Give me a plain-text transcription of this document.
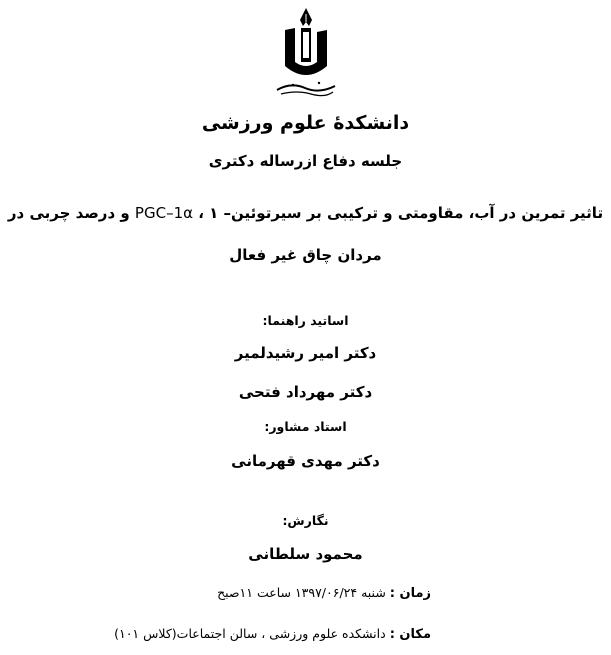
دانشکدهٔ علوم ورزشی
جلسه دفاع ازرساله دکتری
تاثیر تمرین در آب، مقاومتی و ترکیبی بر سیرتوئین– ۱ ، PGC–1α و درصد چربی در
مردان چاق غیر فعال
اساتید راهنما:
دکتر امیر رشیدلمیر
دکتر مهرداد فتحی
استاد مشاور:
دکتر مهدی قهرمانی
نگارش:
محمود سلطانی
زمان : شنبه ۱۳۹۷/۰۶/۲۴ ساعت ۱۱صبح
مکان : دانشکده علوم ورزشی ، سالن اجتماعات(کلاس ۱۰۱)
